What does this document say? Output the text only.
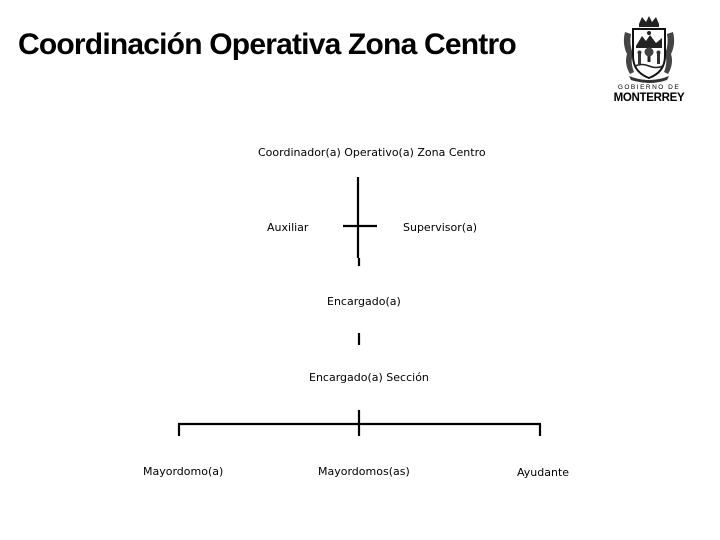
Coordinación Operativa Zona Centro
GOBIERNO DE
MONTERREY
Coordinador(a) Operativo(a) Zona Centro
Auxiliar	Supervisor(a)
Encargado(a)
Encargado(a) Sección
Mayordomo(a)	Mayordomos(as)	Ayudante
